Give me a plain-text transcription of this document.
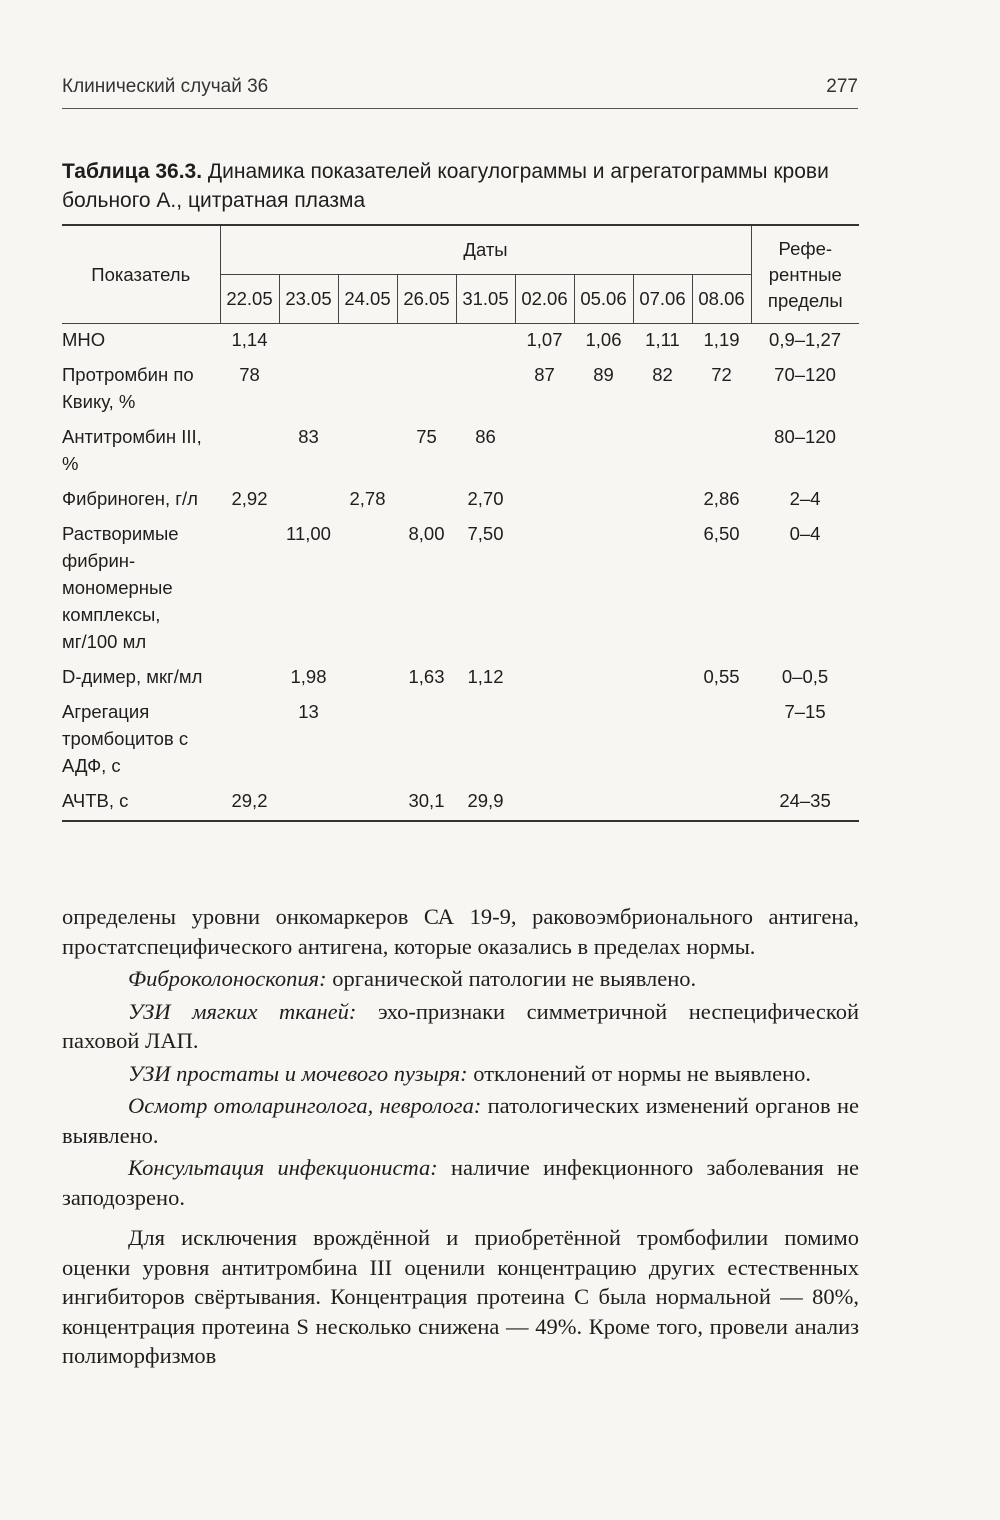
Клинический случай 36	277
Таблица 36.3. Динамика показателей коагулограммы и агрегатограммы крови больного А., цитратная плазма
Показатель	Даты									Рефе-
рентные
пределы
	22.05	23.05	24.05	26.05	31.05	02.06	05.06	07.06	08.06	
МНО	1,14					1,07	1,06	1,11	1,19	0,9–1,27
Протромбин по Квику, %	78					87	89	82	72	70–120
Антитромбин III, %		83		75	86					80–120
Фибриноген, г/л	2,92		2,78		2,70				2,86	2–4
Растворимые фибрин-мономерные комплексы, мг/100 мл		11,00		8,00	7,50				6,50	0–4
D-димер, мкг/мл		1,98		1,63	1,12				0,55	0–0,5
Агрегация тромбоцитов с АДФ, с		13								7–15
АЧТВ, с	29,2			30,1	29,9					24–35

определены уровни онкомаркеров СА 19-9, раковоэмбрионального антигена, простатспецифического антигена, которые оказались в пределах нормы.

Фиброколоноскопия: органической патологии не выявлено.

УЗИ мягких тканей: эхо-признаки симметричной неспецифической паховой ЛАП.

УЗИ простаты и мочевого пузыря: отклонений от нормы не выявлено.

Осмотр отоларинголога, невролога: патологических изменений органов не выявлено.

Консультация инфекциониста: наличие инфекционного заболевания не заподозрено.

Для исключения врождённой и приобретённой тромбофилии помимо оценки уровня антитромбина III оценили концентрацию других естественных ингибиторов свёртывания. Концентрация протеина С была нормальной — 80%, концентрация протеина S несколько снижена — 49%. Кроме того, провели анализ полиморфизмов
